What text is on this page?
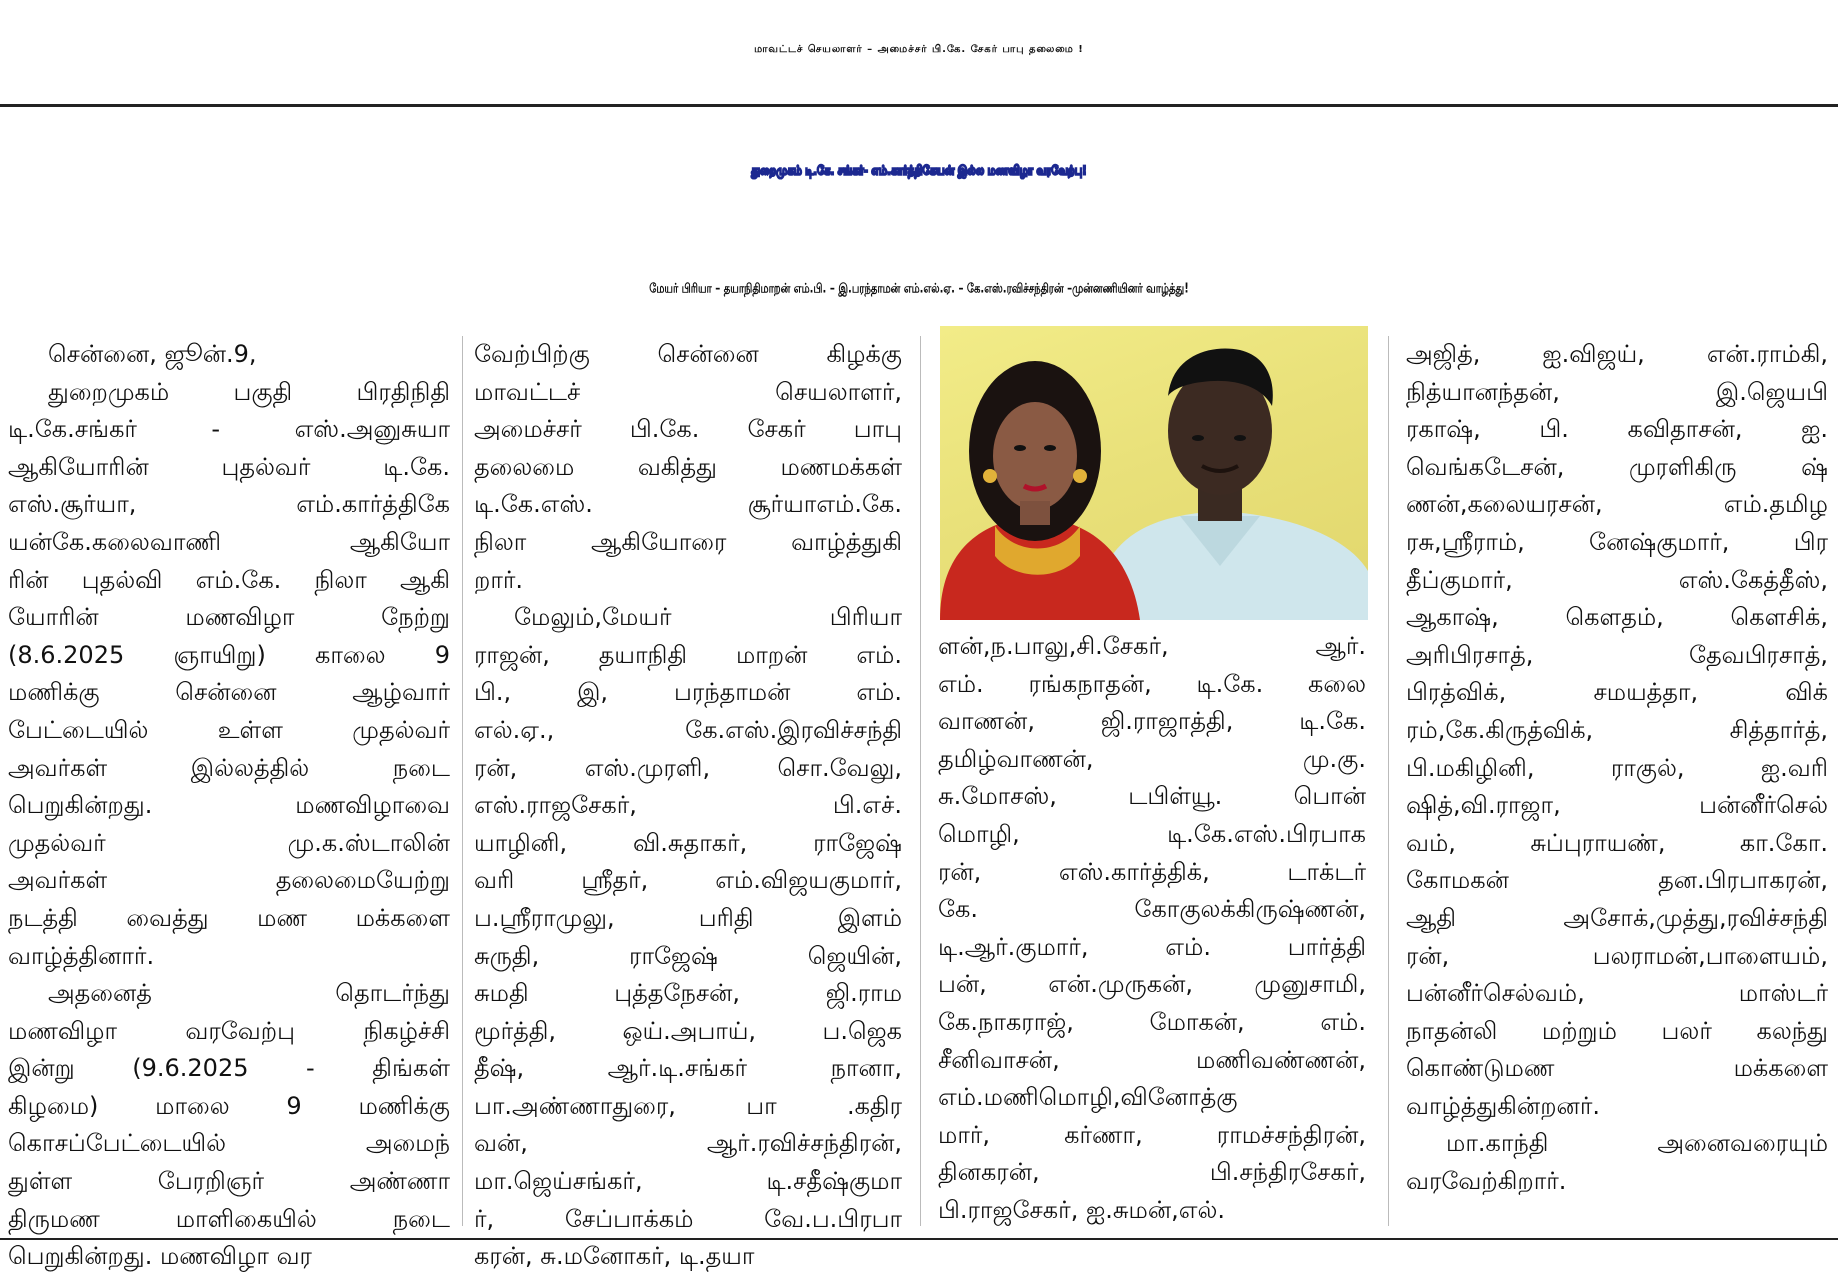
மாவட்டச் செயலாளர் – அமைச்சர் பி.கே. சேகர் பாபு தலைமை !
துறைமுகம் டி.கே. சங்கர்- எம்.கார்த்திகேயன் இல்ல மணவிழா வரவேற்பு!
மேயர் பிரியா – தயாநிதிமாறன் எம்.பி. – இ.பரந்தாமன் எம்.எல்.ஏ. – கே.எஸ்.ரவிச்சந்திரன் –முன்னணியினர் வாழ்த்து!
சென்னை, ஜூன்.9,
துறைமுகம் பகுதி பிரதிநிதி
டி.கே.சங்கர் - எஸ்.அனுசுயா
ஆகியோரின் புதல்வர் டி.கே.
எஸ்.சூர்யா, எம்.கார்த்திகே
யன்கே.கலைவாணி ஆகியோ
ரின் புதல்வி எம்.கே. நிலா ஆகி
யோரின் மணவிழா நேற்று
(8.6.2025 ஞாயிறு) காலை 9
மணிக்கு சென்னை ஆழ்வார்
பேட்டையில் உள்ள முதல்வர்
அவர்கள் இல்லத்தில் நடை
பெறுகின்றது. மணவிழாவை
முதல்வர் மு.க.ஸ்டாலின்
அவர்கள் தலைமையேற்று
நடத்தி வைத்து மண மக்களை
வாழ்த்தினார்.
அதனைத் தொடர்ந்து
மணவிழா வரவேற்பு நிகழ்ச்சி
இன்று (9.6.2025 - திங்கள்
கிழமை) மாலை 9 மணிக்கு
கொசப்பேட்டையில் அமைந்
துள்ள பேரறிஞர் அண்ணா
திருமண மாளிகையில் நடை
பெறுகின்றது. மணவிழா வர
வேற்பிற்கு சென்னை கிழக்கு
மாவட்டச் செயலாளர்,
அமைச்சர் பி.கே. சேகர் பாபு
தலைமை வகித்து மணமக்கள்
டி.கே.எஸ். சூர்யாஎம்.கே.
நிலா ஆகியோரை வாழ்த்துகி
றார்.
மேலும்,மேயர் பிரியா
ராஜன், தயாநிதி மாறன் எம்.
பி., இ, பரந்தாமன் எம்.
எல்.ஏ., கே.எஸ்.இரவிச்சந்தி
ரன், எஸ்.முரளி, சொ.வேலு,
எஸ்.ராஜசேகர், பி.எச்.
யாழினி, வி.சுதாகர், ராஜேஷ்
வரி ஸ்ரீதர், எம்.விஜயகுமார்,
ப.ஸ்ரீராமுலு, பரிதி இளம்
சுருதி, ராஜேஷ் ஜெயின்,
சுமதி புத்தநேசன், ஜி.ராம
மூர்த்தி, ஒய்.அபாய், ப.ஜெக
தீஷ், ஆர்.டி.சங்கர் நானா,
பா.அண்ணாதுரை, பா .கதிர
வன், ஆர்.ரவிச்சந்திரன்,
மா.ஜெய்சங்கர், டி.சதீஷ்குமா
ர், சேப்பாக்கம் வே.ப.பிரபா
கரன், சு.மனோகர், டி.தயா
ளன்,ந.பாலு,சி.சேகர், ஆர்.
எம். ரங்கநாதன், டி.கே. கலை
வாணன், ஜி.ராஜாத்தி, டி.கே.
தமிழ்வாணன், மு.கு.
சு.மோசஸ், டபிள்யூ. பொன்
மொழி, டி.கே.எஸ்.பிரபாக
ரன், எஸ்.கார்த்திக், டாக்டர்
கே. கோகுலக்கிருஷ்ணன்,
டி.ஆர்.குமார், எம். பார்த்தி
பன், என்.முருகன், முனுசாமி,
கே.நாகராஜ், மோகன், எம்.
சீனிவாசன், மணிவண்ணன்,
எம்.மணிமொழி,வினோத்கு
மார், கர்ணா, ராமச்சந்திரன்,
தினகரன், பி.சந்திரசேகர்,
பி.ராஜசேகர், ஐ.சுமன்,எல்.
அஜித், ஐ.விஜய், என்.ராம்கி,
நித்யானந்தன், இ.ஜெயபி
ரகாஷ், பி. கவிதாசன், ஐ.
வெங்கடேசன், முரளிகிரு ஷ்
ணன்,கலையரசன், எம்.தமிழ
ரசு,ஸ்ரீராம், னேஷ்குமார், பிர
தீப்குமார், எஸ்.கேத்தீஸ்,
ஆகாஷ், கௌதம், கௌசிக்,
அரிபிரசாத், தேவபிரசாத்,
பிரத்விக், சமயத்தா, விக்
ரம்,கே.கிருத்விக், சித்தார்த்,
பி.மகிழினி, ராகுல், ஐ.வரி
ஷித்,வி.ராஜா, பன்னீர்செல்
வம், சுப்புராயண், கா.கோ.
கோமகன் தன.பிரபாகரன்,
ஆதி அசோக்,முத்து,ரவிச்சந்தி
ரன், பலராமன்,பாளையம்,
பன்னீர்செல்வம், மாஸ்டர்
நாதன்லி மற்றும் பலர் கலந்து
கொண்டுமண மக்களை
வாழ்த்துகின்றனர்.
மா.காந்தி அனைவரையும்
வரவேற்கிறார்.
